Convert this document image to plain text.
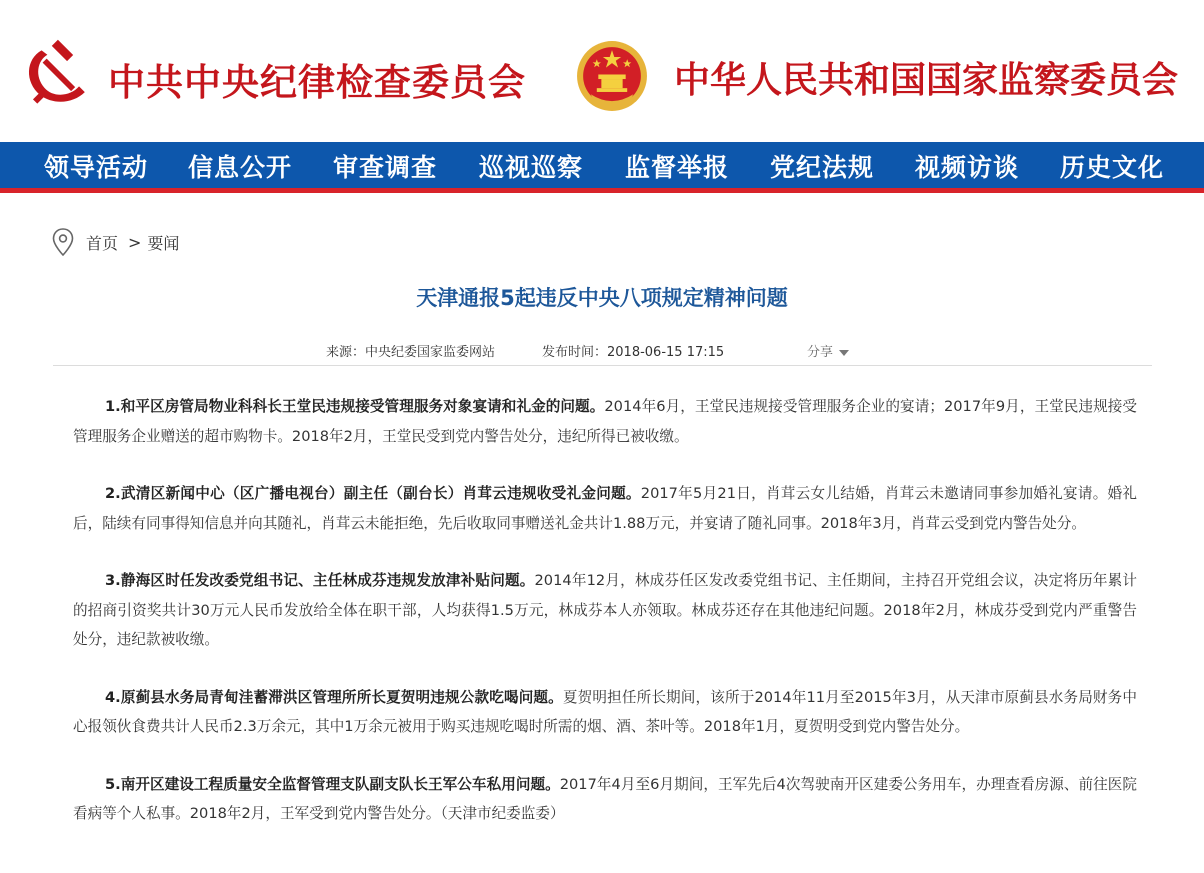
中共中央纪律检查委员会	中华人民共和国国家监察委员会
领导活动 信息公开 审查调查 巡视巡察 监督举报 党纪法规 视频访谈 历史文化
首页 > 要闻
天津通报5起违反中央八项规定精神问题
来源：中央纪委国家监委网站	发布时间：2018-06-15 17:15	分享

1.和平区房管局物业科科长王堂民违规接受管理服务对象宴请和礼金的问题。2014年6月，王堂民违规接受管理服务企业的宴请；2017年9月，王堂民违规接受管理服务企业赠送的超市购物卡。2018年2月，王堂民受到党内警告处分，违纪所得已被收缴。

2.武清区新闻中心（区广播电视台）副主任（副台长）肖茸云违规收受礼金问题。2017年5月21日，肖茸云女儿结婚，肖茸云未邀请同事参加婚礼宴请。婚礼后，陆续有同事得知信息并向其随礼，肖茸云未能拒绝，先后收取同事赠送礼金共计1.88万元，并宴请了随礼同事。2018年3月，肖茸云受到党内警告处分。

3.静海区时任发改委党组书记、主任林成芬违规发放津补贴问题。2014年12月，林成芬任区发改委党组书记、主任期间，主持召开党组会议，决定将历年累计的招商引资奖共计30万元人民币发放给全体在职干部，人均获得1.5万元，林成芬本人亦领取。林成芬还存在其他违纪问题。2018年2月，林成芬受到党内严重警告处分，违纪款被收缴。

4.原蓟县水务局青甸洼蓄滞洪区管理所所长夏贺明违规公款吃喝问题。夏贺明担任所长期间，该所于2014年11月至2015年3月，从天津市原蓟县水务局财务中心报领伙食费共计人民币2.3万余元，其中1万余元被用于购买违规吃喝时所需的烟、酒、茶叶等。2018年1月，夏贺明受到党内警告处分。

5.南开区建设工程质量安全监督管理支队副支队长王军公车私用问题。2017年4月至6月期间，王军先后4次驾驶南开区建委公务用车，办理查看房源、前往医院看病等个人私事。2018年2月，王军受到党内警告处分。（天津市纪委监委）
